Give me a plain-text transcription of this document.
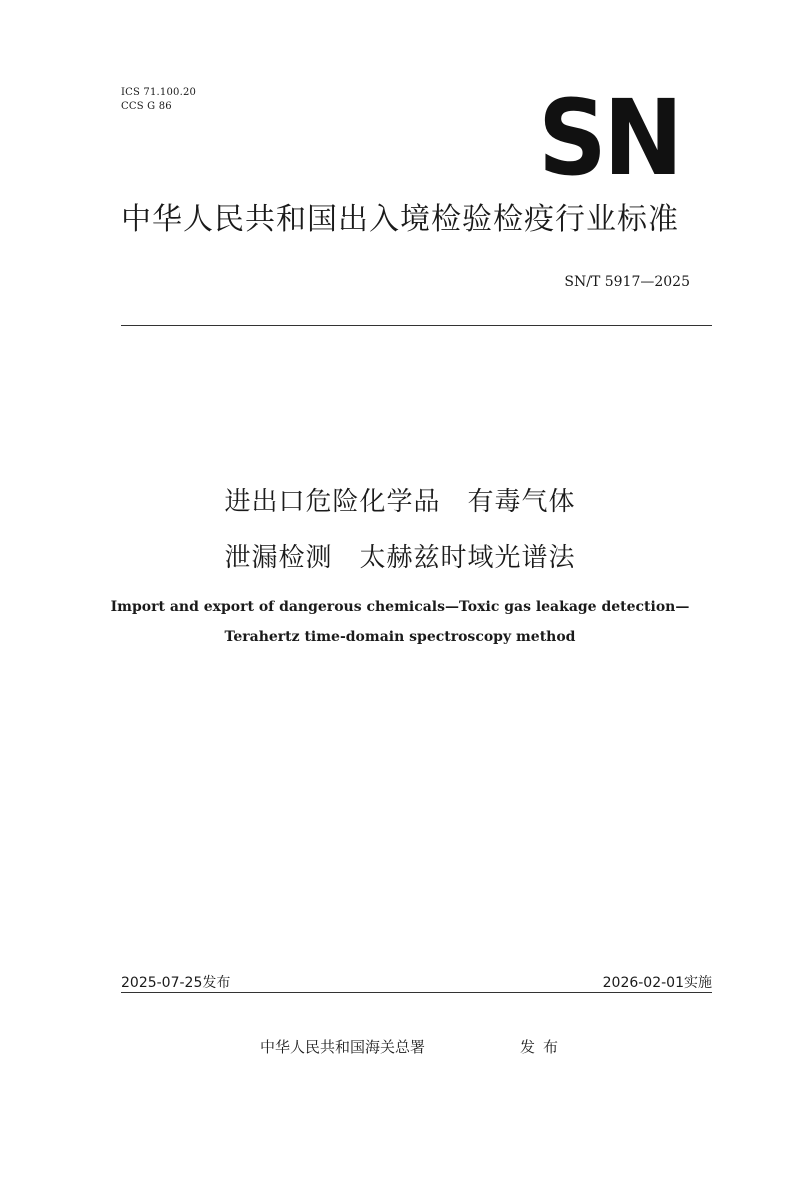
ICS 71.100.20
CCS G 86	SN
中华人民共和国出入境检验检疫行业标准
SN/T 5917—2025
进出口危险化学品　有毒气体
泄漏检测　太赫兹时域光谱法
Import and export of dangerous chemicals—Toxic gas leakage detection—
Terahertz time-domain spectroscopy method
2025-07-25发布	2026-02-01实施
中华人民共和国海关总署	发布
